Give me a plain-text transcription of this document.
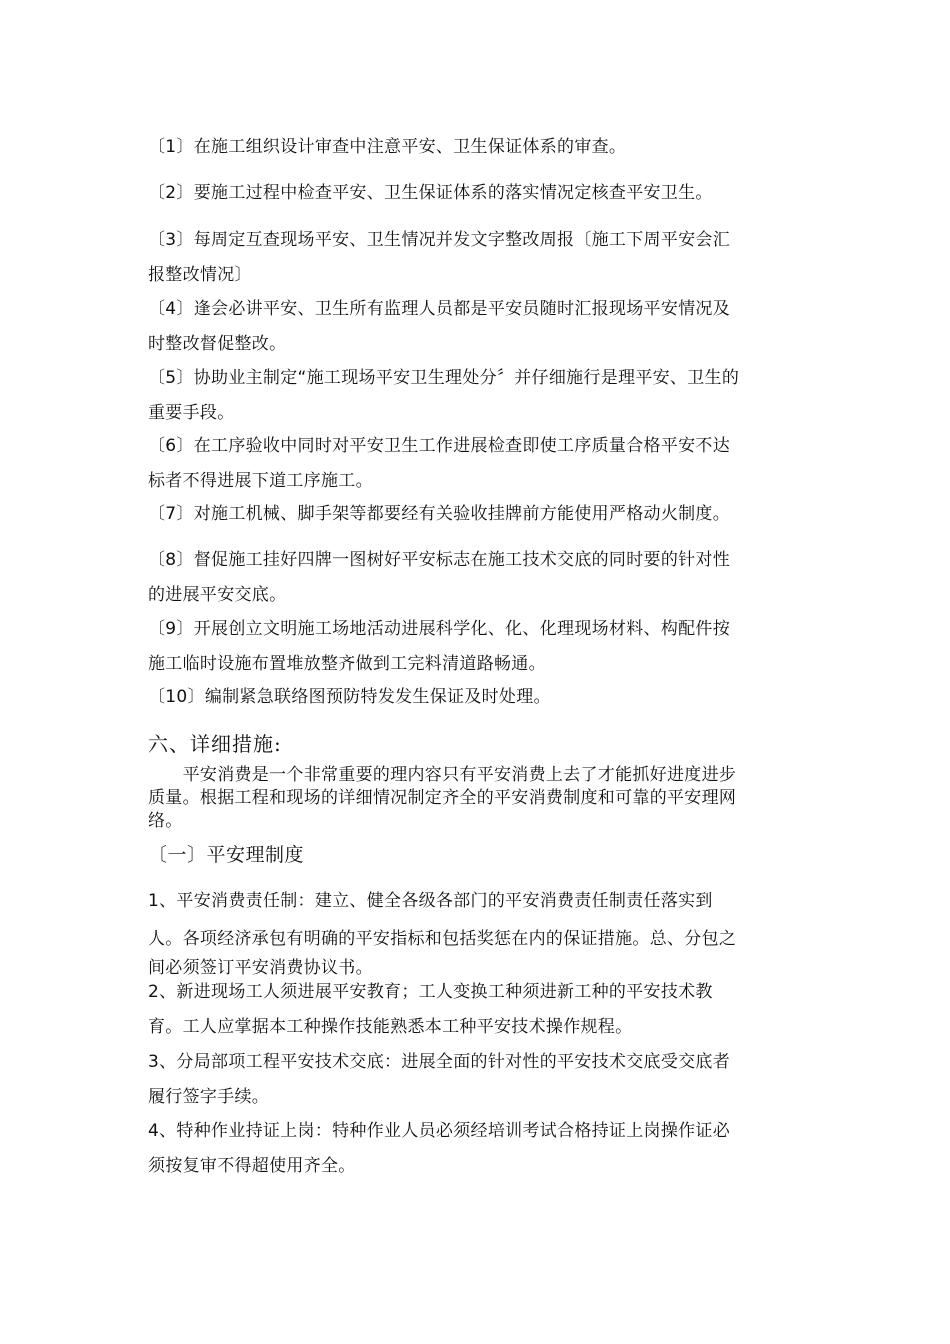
〔1〕在施工组织设计审查中注意平安、卫生保证体系的审查。
〔2〕要施工过程中检查平安、卫生保证体系的落实情况定核查平安卫生。
〔3〕每周定互查现场平安、卫生情况并发文字整改周报〔施工下周平安会汇
报整改情况〕
〔4〕逢会必讲平安、卫生所有监理人员都是平安员随时汇报现场平安情况及
时整改督促整改。
〔5〕协助业主制定“施工现场平安卫生理处分〞并仔细施行是理平安、卫生的
重要手段。
〔6〕在工序验收中同时对平安卫生工作进展检查即使工序质量合格平安不达
标者不得进展下道工序施工。
〔7〕对施工机械、脚手架等都要经有关验收挂牌前方能使用严格动火制度。
〔8〕督促施工挂好四牌一图树好平安标志在施工技术交底的同时要的针对性
的进展平安交底。
〔9〕开展创立文明施工场地活动进展科学化、化、化理现场材料、构配件按
施工临时设施布置堆放整齐做到工完料清道路畅通。
〔10〕编制紧急联络图预防特发发生保证及时处理。
六、详细措施:
　　平安消费是一个非常重要的理内容只有平安消费上去了才能抓好进度进步
质量。根据工程和现场的详细情况制定齐全的平安消费制度和可靠的平安理网
络。
〔一〕平安理制度
1、平安消费责任制：建立、健全各级各部门的平安消费责任制责任落实到
人。各项经济承包有明确的平安指标和包括奖惩在内的保证措施。总、分包之
间必须签订平安消费协议书。
2、新进现场工人须进展平安教育；工人变换工种须进新工种的平安技术教
育。工人应掌据本工种操作技能熟悉本工种平安技术操作规程。
3、分局部项工程平安技术交底：进展全面的针对性的平安技术交底受交底者
履行签字手续。
4、特种作业持证上岗：特种作业人员必须经培训考试合格持证上岗操作证必
须按复审不得超使用齐全。
